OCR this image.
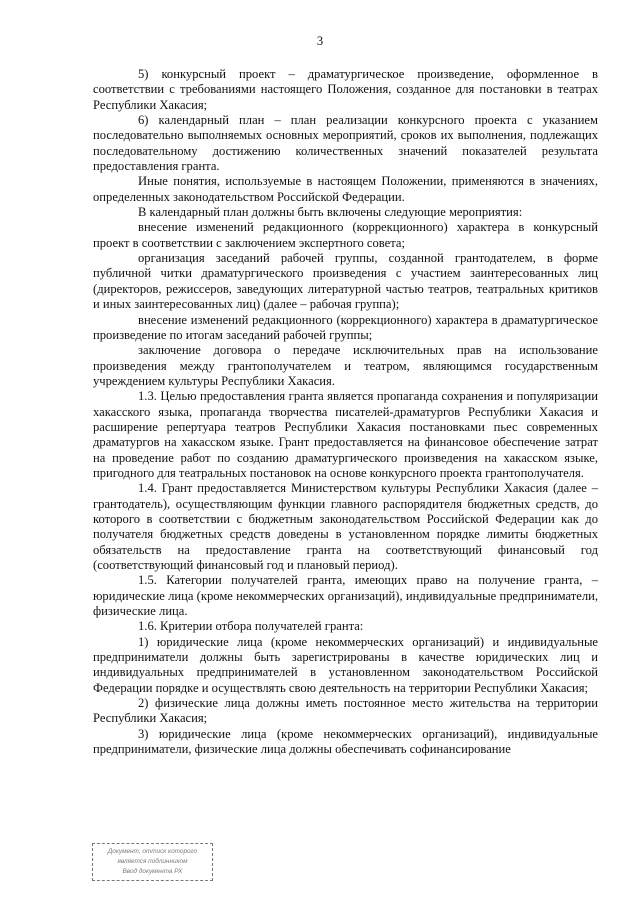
3

5) конкурсный проект – драматургическое произведение, оформленное в соответствии с требованиями настоящего Положения, созданное для постановки в театрах Республики Хакасия;

6) календарный план – план реализации конкурсного проекта с указанием последовательно выполняемых основных мероприятий, сроков их выполнения, подлежащих последовательному достижению количественных значений показателей результата предоставления гранта.

Иные понятия, используемые в настоящем Положении, применяются в значениях, определенных законодательством Российской Федерации.

В календарный план должны быть включены следующие мероприятия:

внесение изменений редакционного (коррекционного) характера в конкурсный проект в соответствии с заключением экспертного совета;

организация заседаний рабочей группы, созданной грантодателем, в форме публичной читки драматургического произведения с участием заинтересованных лиц (директоров, режиссеров, заведующих литературной частью театров, театральных критиков и иных заинтересованных лиц) (далее – рабочая группа);

внесение изменений редакционного (коррекционного) характера в драматургическое произведение по итогам заседаний рабочей группы;

заключение договора о передаче исключительных прав на использование произведения между грантополучателем и театром, являющимся государственным учреждением культуры Республики Хакасия.

1.3. Целью предоставления гранта является пропаганда сохранения и популяризации хакасского языка, пропаганда творчества писателей-драматургов Республики Хакасия и расширение репертуара театров Республики Хакасия постановками пьес современных драматургов на хакасском языке. Грант предоставляется на финансовое обеспечение затрат на проведение работ по созданию драматургического произведения на хакасском языке, пригодного для театральных постановок на основе конкурсного проекта грантополучателя.

1.4. Грант предоставляется Министерством культуры Республики Хакасия (далее – грантодатель), осуществляющим функции главного распорядителя бюджетных средств, до которого в соответствии с бюджетным законодательством Российской Федерации как до получателя бюджетных средств доведены в установленном порядке лимиты бюджетных обязательств на предоставление гранта на соответствующий финансовый год (соответствующий финансовый год и плановый период).

1.5. Категории получателей гранта, имеющих право на получение гранта, – юридические лица (кроме некоммерческих организаций), индивидуальные предприниматели, физические лица.

1.6. Критерии отбора получателей гранта:

1) юридические лица (кроме некоммерческих организаций) и индивидуальные предприниматели должны быть зарегистрированы в качестве юридических лиц и индивидуальных предпринимателей в установленном законодательством Российской Федерации порядке и осуществлять свою деятельность на территории Республики Хакасия;

2) физические лица должны иметь постоянное место жительства на территории Республики Хакасия;

3) юридические лица (кроме некоммерческих организаций), индивидуальные предприниматели, физические лица должны обеспечивать софинансирование

Документ, оттиск которого
является подлинником
Ввод документа РХ
